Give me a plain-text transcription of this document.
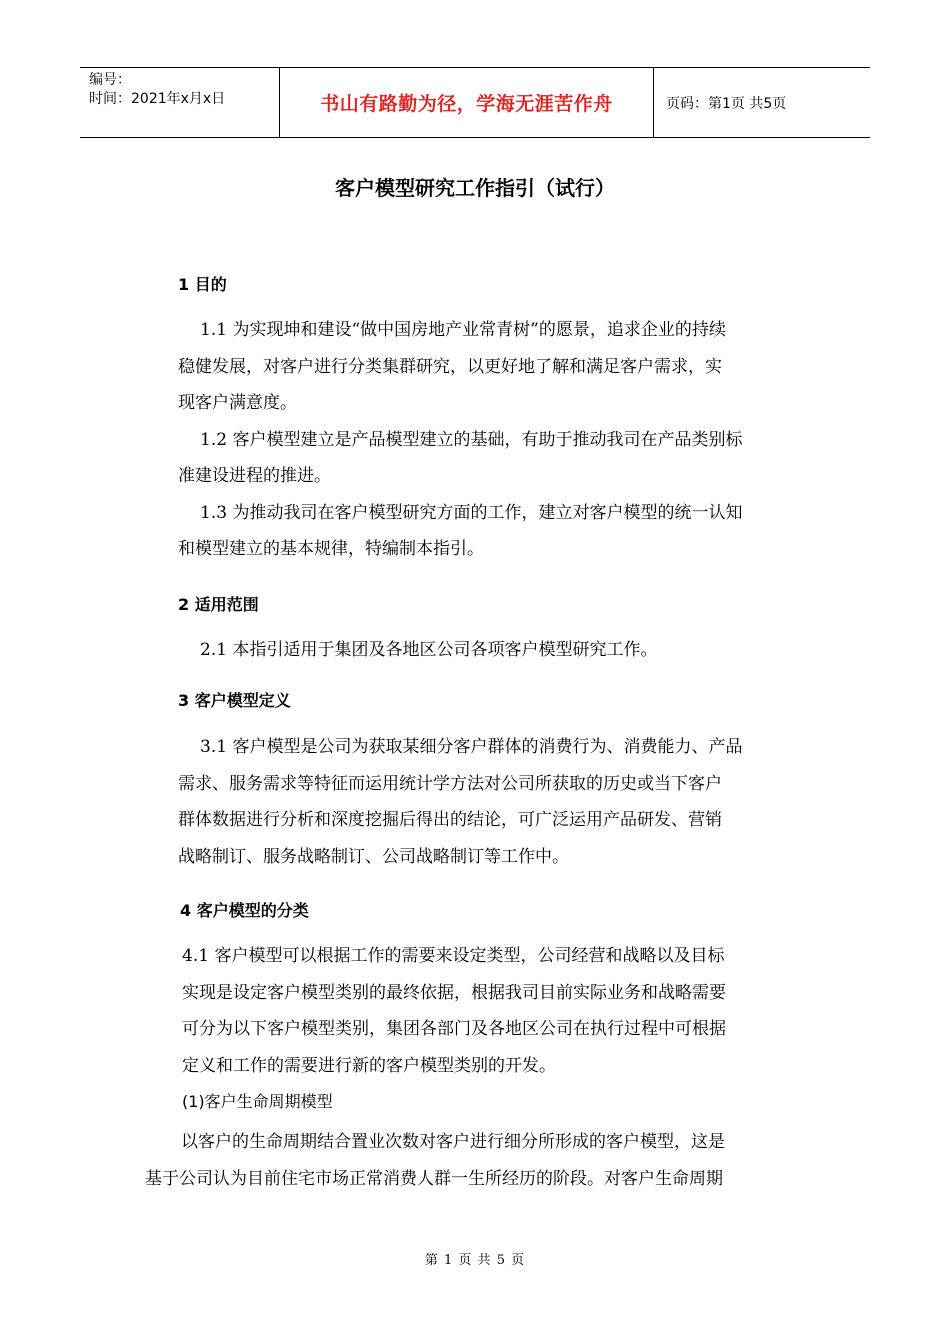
编号：
时间：2021年x月x日	书山有路勤为径，学海无涯苦作舟	页码：第1页 共5页
客户模型研究工作指引（试行）
1 目的
1.1 为实现坤和建设“做中国房地产业常青树”的愿景，追求企业的持续
稳健发展，对客户进行分类集群研究，以更好地了解和满足客户需求，实
现客户满意度。
1.2 客户模型建立是产品模型建立的基础，有助于推动我司在产品类别标
准建设进程的推进。
1.3 为推动我司在客户模型研究方面的工作，建立对客户模型的统一认知
和模型建立的基本规律，特编制本指引。
2 适用范围
2.1 本指引适用于集团及各地区公司各项客户模型研究工作。
3 客户模型定义
3.1 客户模型是公司为获取某细分客户群体的消费行为、消费能力、产品
需求、服务需求等特征而运用统计学方法对公司所获取的历史或当下客户
群体数据进行分析和深度挖掘后得出的结论，可广泛运用产品研发、营销
战略制订、服务战略制订、公司战略制订等工作中。
4 客户模型的分类
4.1 客户模型可以根据工作的需要来设定类型，公司经营和战略以及目标
实现是设定客户模型类别的最终依据，根据我司目前实际业务和战略需要
可分为以下客户模型类别，集团各部门及各地区公司在执行过程中可根据
定义和工作的需要进行新的客户模型类别的开发。
(1)客户生命周期模型
以客户的生命周期结合置业次数对客户进行细分所形成的客户模型，这是
基于公司认为目前住宅市场正常消费人群一生所经历的阶段。对客户生命周期
第 1 页 共 5 页
